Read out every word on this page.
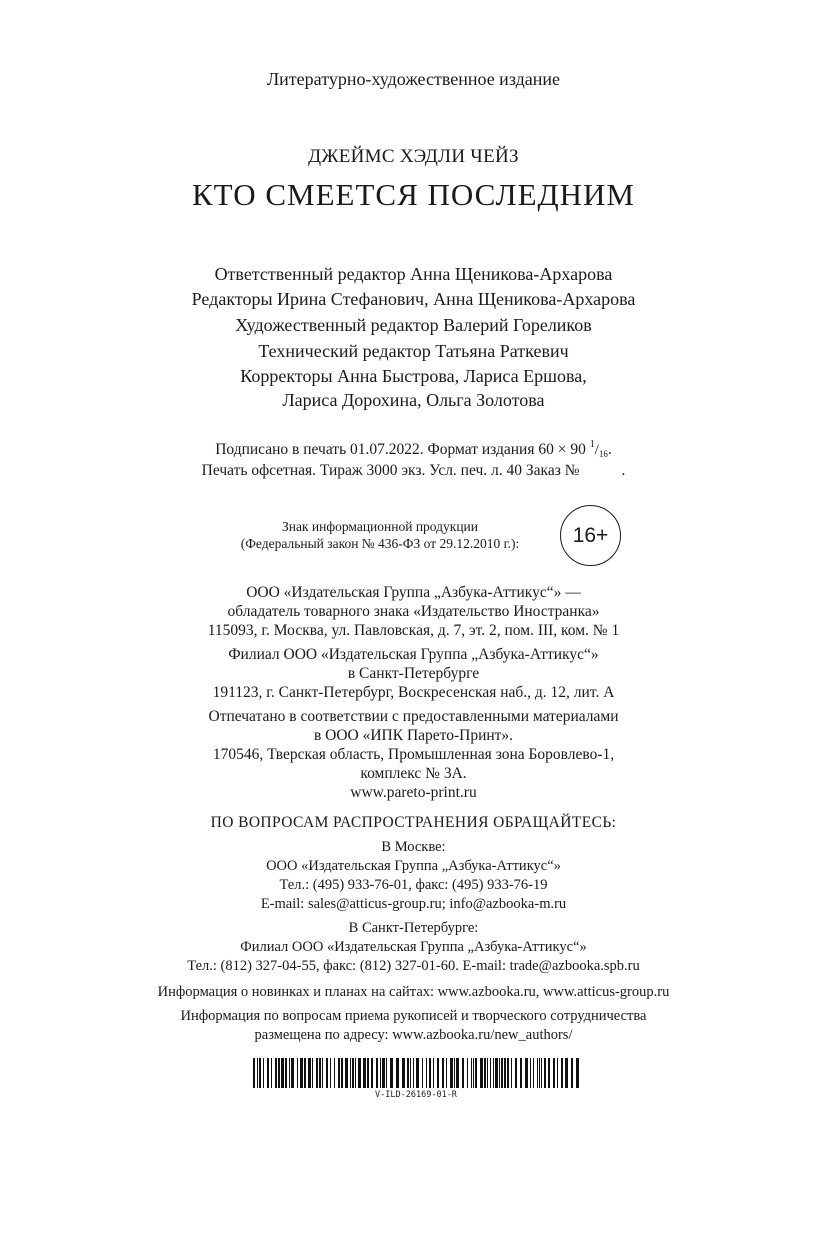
Литературно-художественное издание
ДЖЕЙМС ХЭДЛИ ЧЕЙЗ
КТО СМЕЕТСЯ ПОСЛЕДНИМ
Ответственный редактор Анна Щеникова-Архарова
Редакторы Ирина Стефанович, Анна Щеникова-Архарова
Художественный редактор Валерий Гореликов
Технический редактор Татьяна Раткевич
Корректоры Анна Быстрова, Лариса Ершова,
Лариса Дорохина, Ольга Золотова
Подписано в печать 01.07.2022. Формат издания 60 × 90 $^1$/16.
Печать офсетная. Тираж 3000 экз. Усл. печ. л. 40 Заказ №	.
Знак информационной продукции
(Федеральный закон № 436-ФЗ от 29.12.2010 г.):	16+
ООО «Издательская Группа „Азбука-Аттикус“» —
обладатель товарного знака «Издательство Иностранка»
115093, г. Москва, ул. Павловская, д. 7, эт. 2, пом. III, ком. № 1
Филиал ООО «Издательская Группа „Азбука-Аттикус“»
в Санкт-Петербурге
191123, г. Санкт-Петербург, Воскресенская наб., д. 12, лит. А
Отпечатано в соответствии с предоставленными материалами
в ООО «ИПК Парето-Принт».
170546, Тверская область, Промышленная зона Боровлево-1,
комплекс № 3А.
www.pareto-print.ru
ПО ВОПРОСАМ РАСПРОСТРАНЕНИЯ ОБРАЩАЙТЕСЬ:
В Москве:
ООО «Издательская Группа „Азбука-Аттикус“»
Тел.: (495) 933-76-01, факс: (495) 933-76-19
E-mail: sales@atticus-group.ru; info@azbooka-m.ru
В Санкт-Петербурге:
Филиал ООО «Издательская Группа „Азбука-Аттикус“»
Тел.: (812) 327-04-55, факс: (812) 327-01-60. E-mail: trade@azbooka.spb.ru
Информация о новинках и планах на сайтах: www.azbooka.ru, www.atticus-group.ru
Информация по вопросам приема рукописей и творческого сотрудничества
размещена по адресу: www.azbooka.ru/new_authors/
V-ILD-26169-01-R
